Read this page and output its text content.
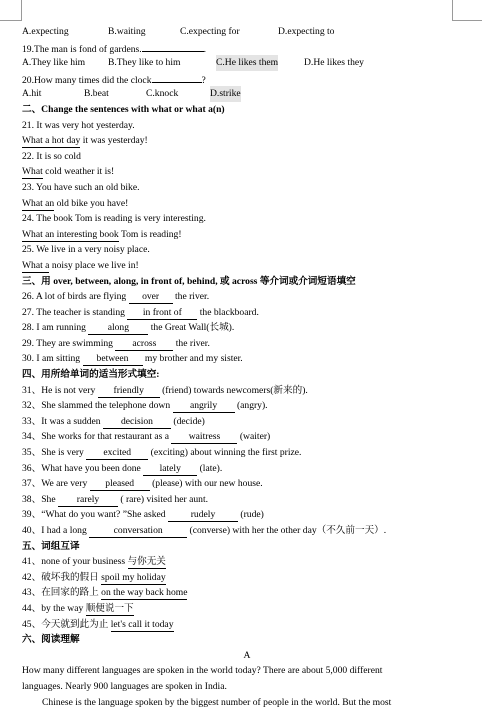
A.expecting	B.waiting	C.expecting for	D.expecting to
19.The man is fond of gardens.	.
A.They like him B.They like to him	C.He likes them	D.He likes they
20.How many times did the clock	?
A.hit	B.beat	C.knock	D.strike
二、Change the sentences with what or what a(n)
21. It was very hot yesterday.
What a hot day it was yesterday!
22. It is so cold
What cold weather it is!
23. You have such an old bike.
What an old bike you have!
24. The book Tom is reading is very interesting.
What an interesting book Tom is reading!
25. We live in a very noisy place.
What a noisy place we live in!
三、用 over, between, along, in front of, behind, 或 across 等介词或介词短语填空
26. A lot of birds are flying over the river.
27. The teacher is standing in front of the blackboard.
28. I am running along the Great Wall(长城).
29. They are swimming across the river.
30. I am sitting between my brother and my sister.
四、用所给单词的适当形式填空:
31、He is not very friendly (friend) towards newcomers(新来的).
32、She slammed the telephone down angrily (angry).
33、It was a sudden decision (decide)
34、She works for that restaurant as a waitress (waiter)
35、She is very excited (exciting) about winning the first prize.
36、What have you been done lately (late).
37、We are very pleased (please) with our new house.
38、She rarely ( rare) visited her aunt.
39、“What do you want? ”She asked rudely (rude)
40、I had a long	conversation	(converse) with her the other day（不久前一天）.
五、词组互译
41、none of your business 与你无关
42、破坏我的假日 spoil my holiday
43、在回家的路上 on the way back home
44、by the way 顺便说一下
45、今天就到此为止 let's call it today
六、阅读理解
A
How many different languages are spoken in the world today? There are about 5,000 different
languages. Nearly 900 languages are spoken in India.
Chinese is the language spoken by the biggest number of people in the world. But the most
